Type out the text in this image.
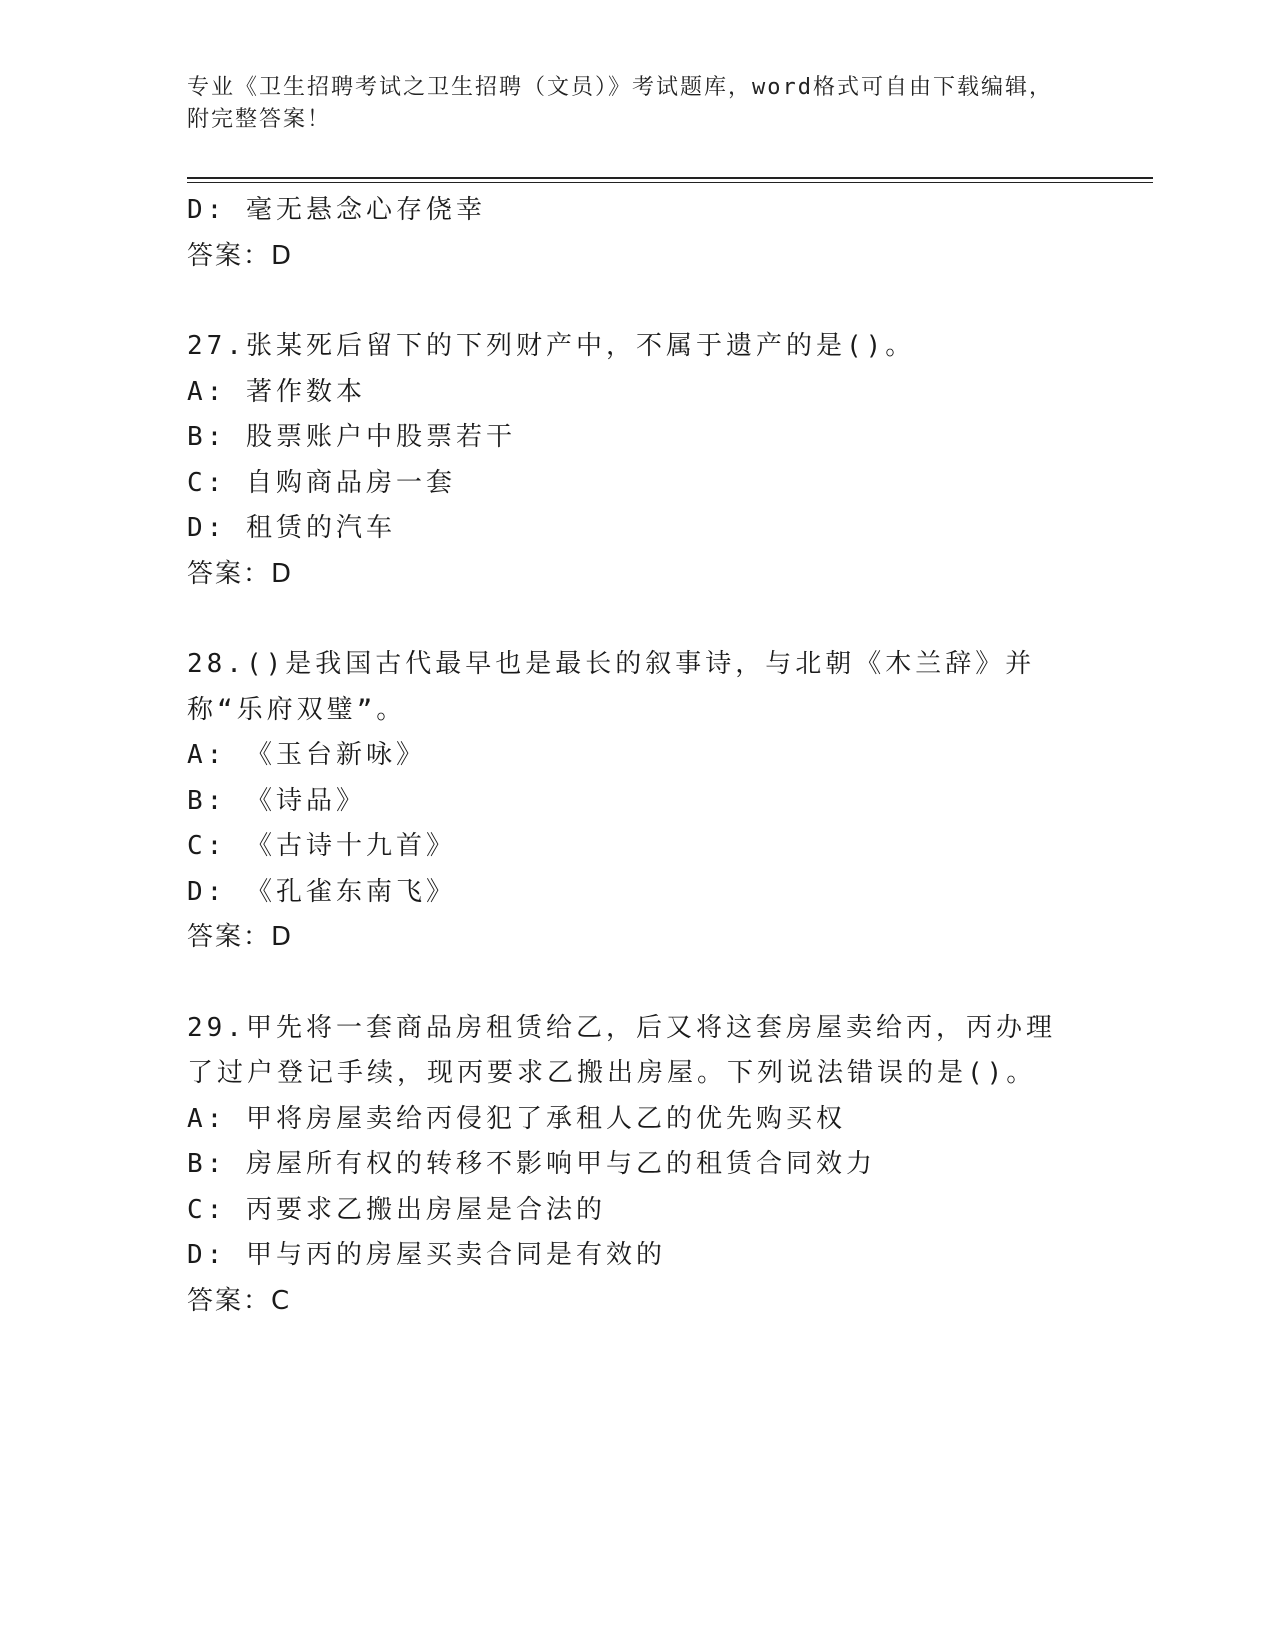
专业《卫生招聘考试之卫生招聘（文员）》考试题库，word格式可自由下载编辑，附完整答案！
D: 毫无悬念心存侥幸
答案：D
27.张某死后留下的下列财产中，不属于遗产的是()。
A: 著作数本
B: 股票账户中股票若干
C: 自购商品房一套
D: 租赁的汽车
答案：D
28.()是我国古代最早也是最长的叙事诗，与北朝《木兰辞》并称“乐府双璧”。
A: 《玉台新咏》
B: 《诗品》
C: 《古诗十九首》
D: 《孔雀东南飞》
答案：D
29.甲先将一套商品房租赁给乙，后又将这套房屋卖给丙，丙办理了过户登记手续，现丙要求乙搬出房屋。下列说法错误的是()。
A: 甲将房屋卖给丙侵犯了承租人乙的优先购买权
B: 房屋所有权的转移不影响甲与乙的租赁合同效力
C: 丙要求乙搬出房屋是合法的
D: 甲与丙的房屋买卖合同是有效的
答案：C
